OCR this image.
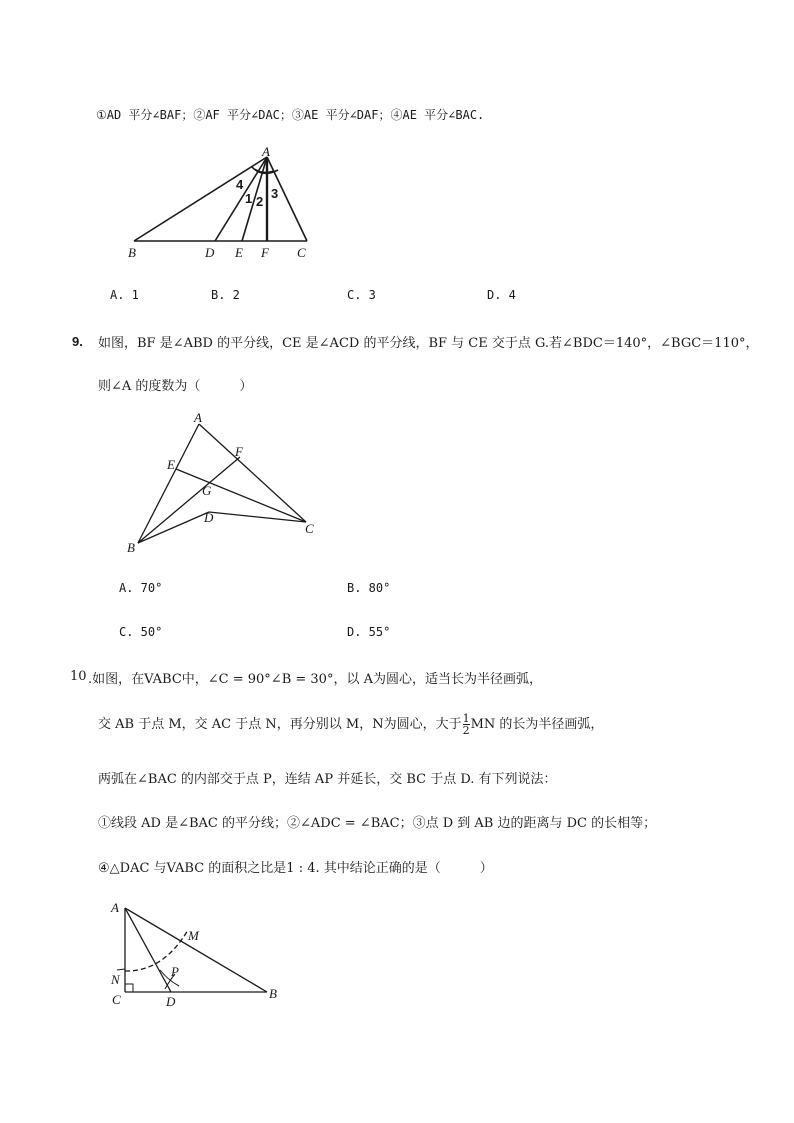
①AD 平分∠BAF；②AF 平分∠DAC；③AE 平分∠DAF；④AE 平分∠BAC.
A
B	D E F C
4
1 2
3
A. 1	B. 2	C. 3	D. 4
9. 如图，BF 是∠ABD 的平分线，CE 是∠ACD 的平分线，BF 与 CE 交于点 G.若∠BDC＝140°，∠BGC＝110°，
则∠A 的度数为（　　　）
A
E
F
G
D
B
C
A. 70°	B. 80°
C. 50°	D. 55°
10 .如图，在VABC中，∠C = 90°∠B = 30°，以 A为圆心，适当长为半径画弧，
交 AB 于点 M，交 AC 于点 N，再分别以 M，N为圆心，大于 $\frac{1}{2}$ MN 的长为半径画弧，
两弧在∠BAC 的内部交于点 P，连结 AP 并延长，交 BC 于点 D. 有下列说法：
①线段 AD 是∠BAC 的平分线；②∠ADC = ∠BAC；③点 D 到 AB 边的距离与 DC 的长相等；
④△DAC 与VABC 的面积之比是1 : 4. 其中结论正确的是（　　　）
A
M
N
P
C	D
B
